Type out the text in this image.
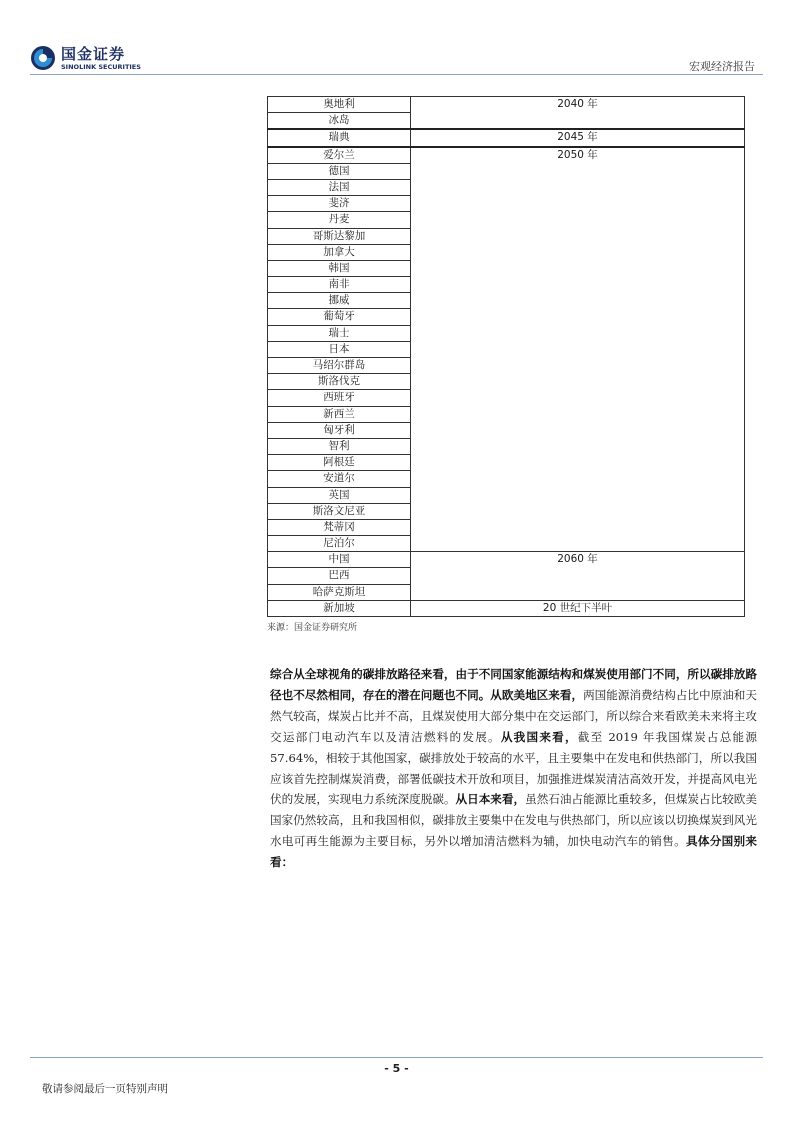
国金证券
SINOLINK SECURITIES	宏观经济报告
奥地利	2040 年
冰岛	
瑞典	2045 年
爱尔兰	2050 年
德国	
法国	
斐济	
丹麦	
哥斯达黎加	
加拿大	
韩国	
南非	
挪威	
葡萄牙	
瑞士	
日本	
马绍尔群岛	
斯洛伐克	
西班牙	
新西兰	
匈牙利	
智利	
阿根廷	
安道尔	
英国	
斯洛文尼亚	
梵蒂冈	
尼泊尔	
中国	2060 年
巴西	
哈萨克斯坦	
新加坡	20 世纪下半叶
来源：国金证券研究所
综合从全球视角的碳排放路径来看，由于不同国家能源结构和煤炭使用部门不同，所以碳排放路径也不尽然相同，存在的潜在问题也不同。从欧美地区来看，两国能源消费结构占比中原油和天然气较高，煤炭占比并不高，且煤炭使用大部分集中在交运部门，所以综合来看欧美未来将主攻交运部门电动汽车以及清洁燃料的发展。从我国来看，截至 2019 年我国煤炭占总能源 57.64%，相较于其他国家，碳排放处于较高的水平，且主要集中在发电和供热部门，所以我国应该首先控制煤炭消费，部署低碳技术开放和项目，加强推进煤炭清洁高效开发，并提高风电光伏的发展，实现电力系统深度脱碳。从日本来看，虽然石油占能源比重较多，但煤炭占比较欧美国家仍然较高，且和我国相似，碳排放主要集中在发电与供热部门，所以应该以切换煤炭到风光水电可再生能源为主要目标，另外以增加清洁燃料为辅，加快电动汽车的销售。具体分国别来看：
- 5 -
敬请参阅最后一页特别声明
